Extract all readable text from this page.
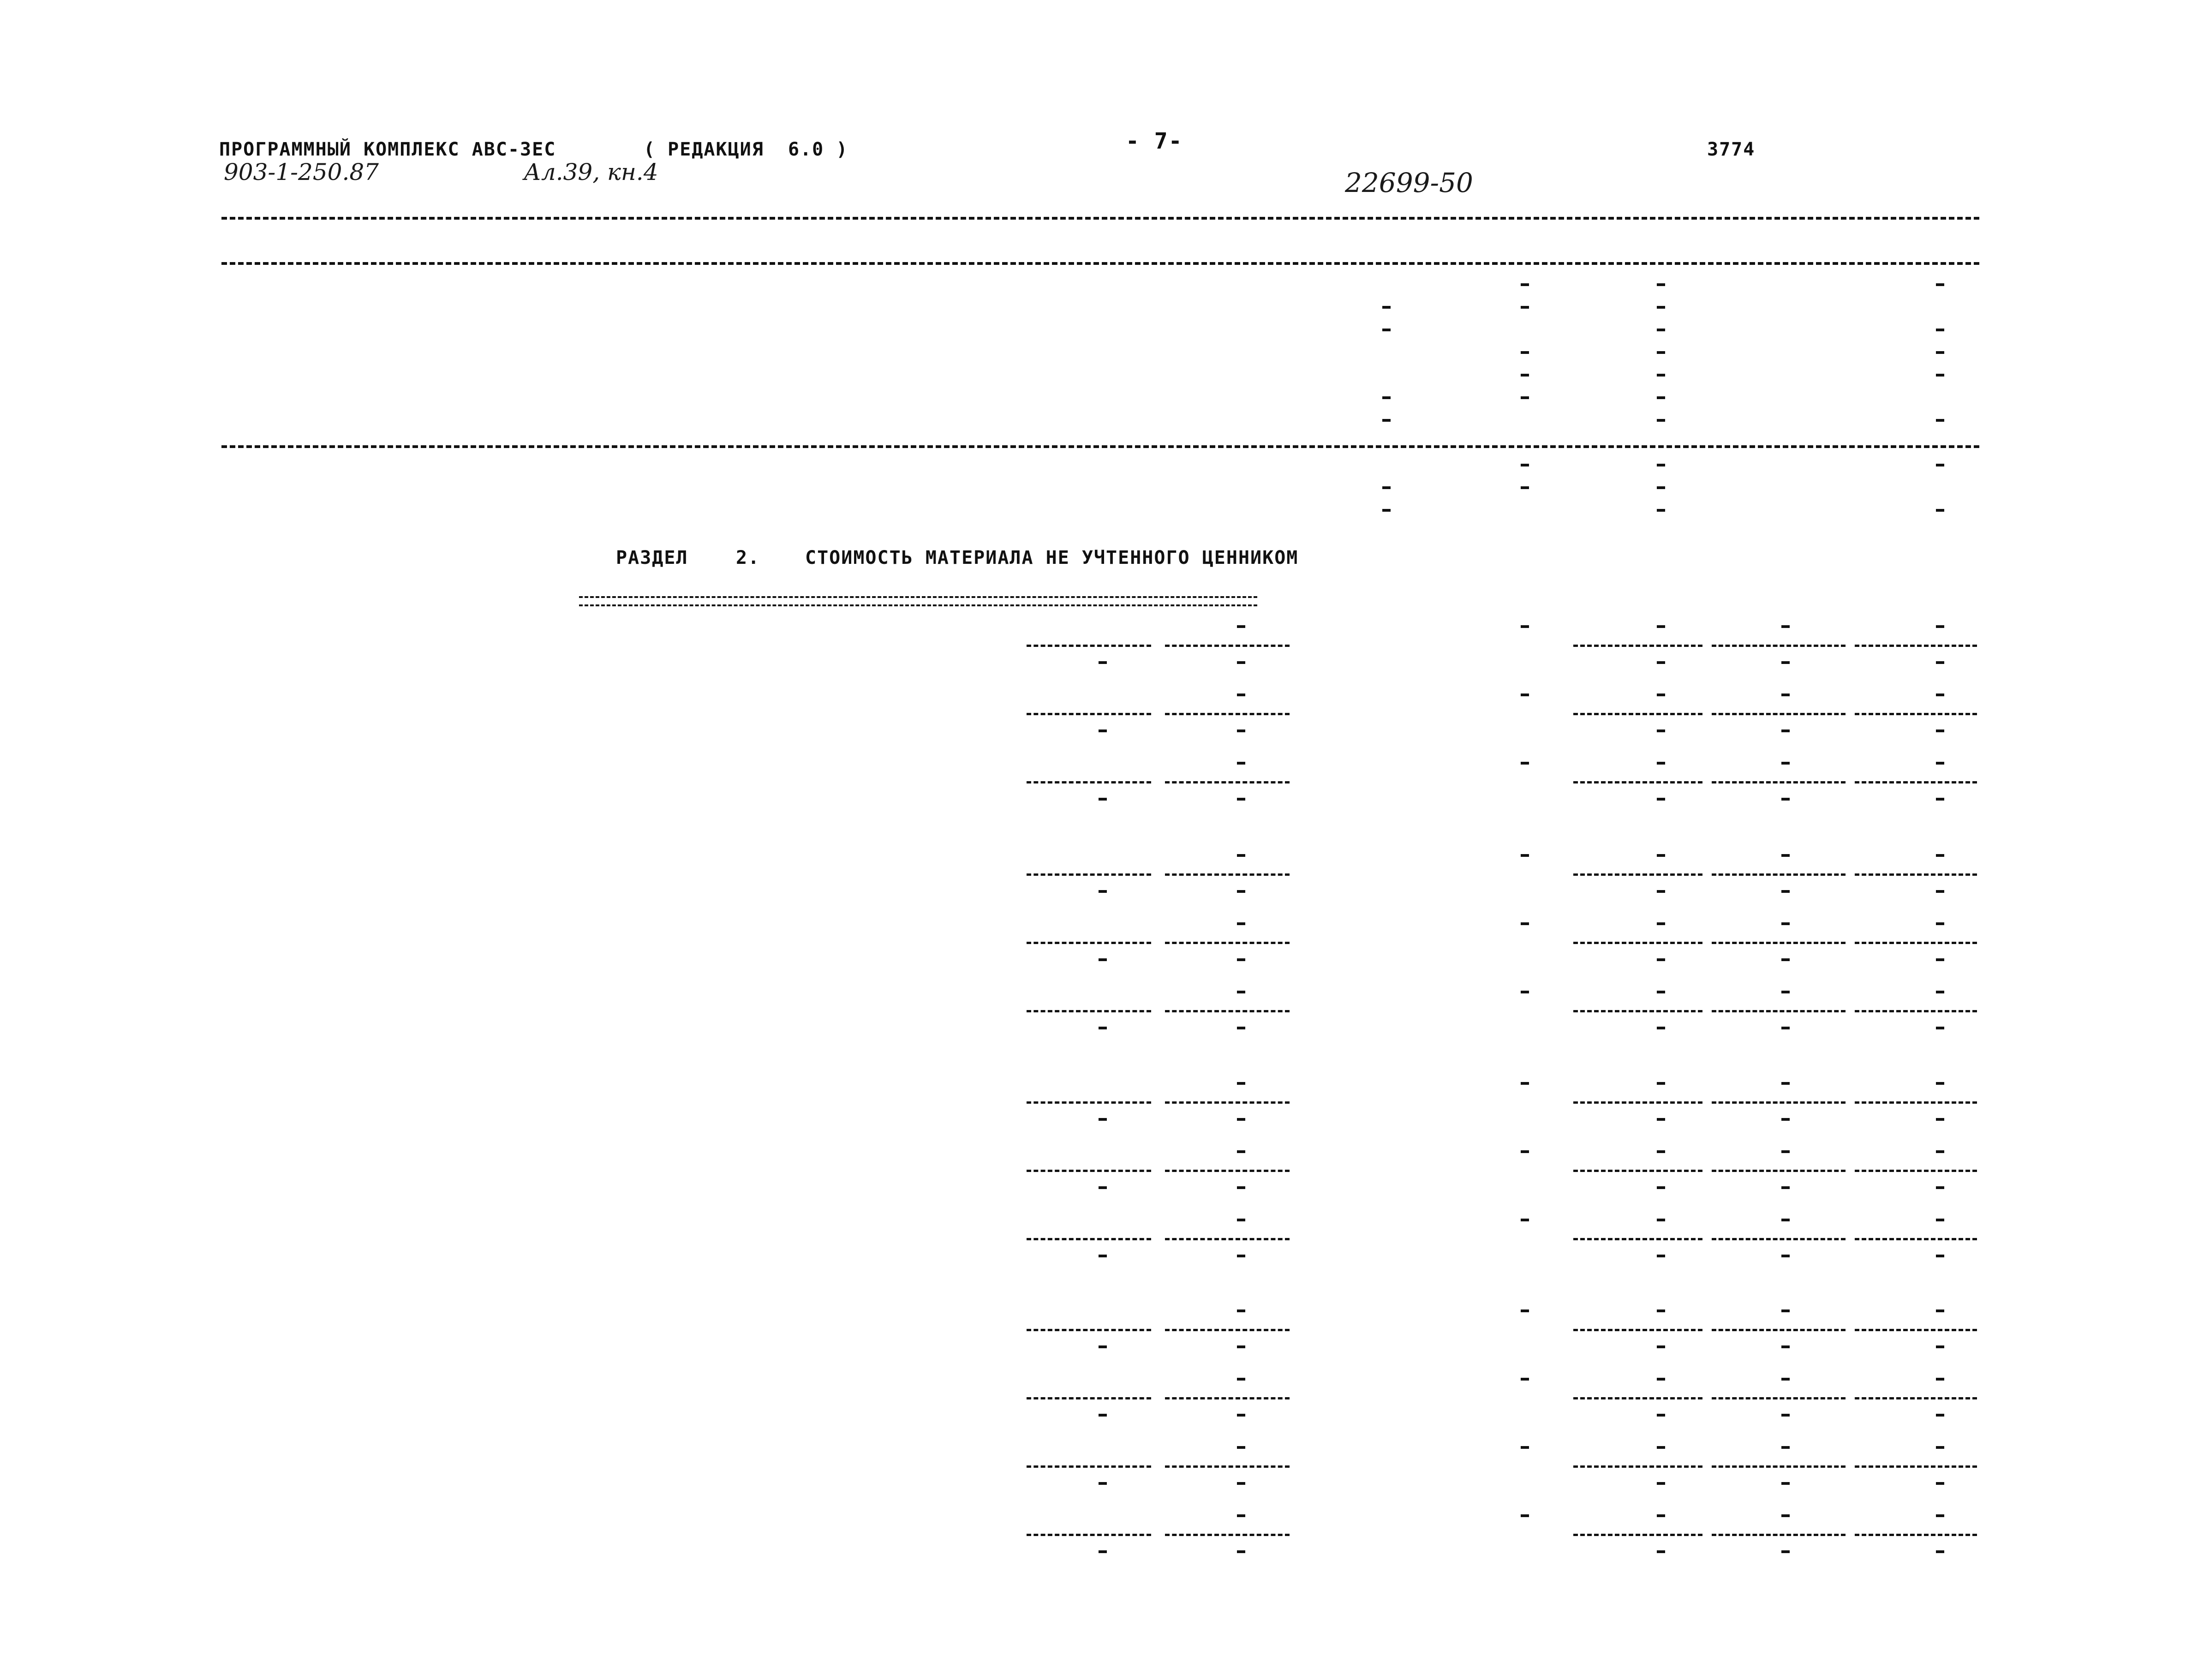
ПРОГРАММНЫЙ КОМПЛЕКС АВС-ЗЕС	( РЕДАКЦИЯ  6.0 )	- 7-	3774
903-1-250.87	Ал.39, кн.4	22699-50
РАЗДЕЛ	2. СТОИМОСТЬ МАТЕРИАЛА НЕ УЧТЕННОГО ЦЕННИКОМ
